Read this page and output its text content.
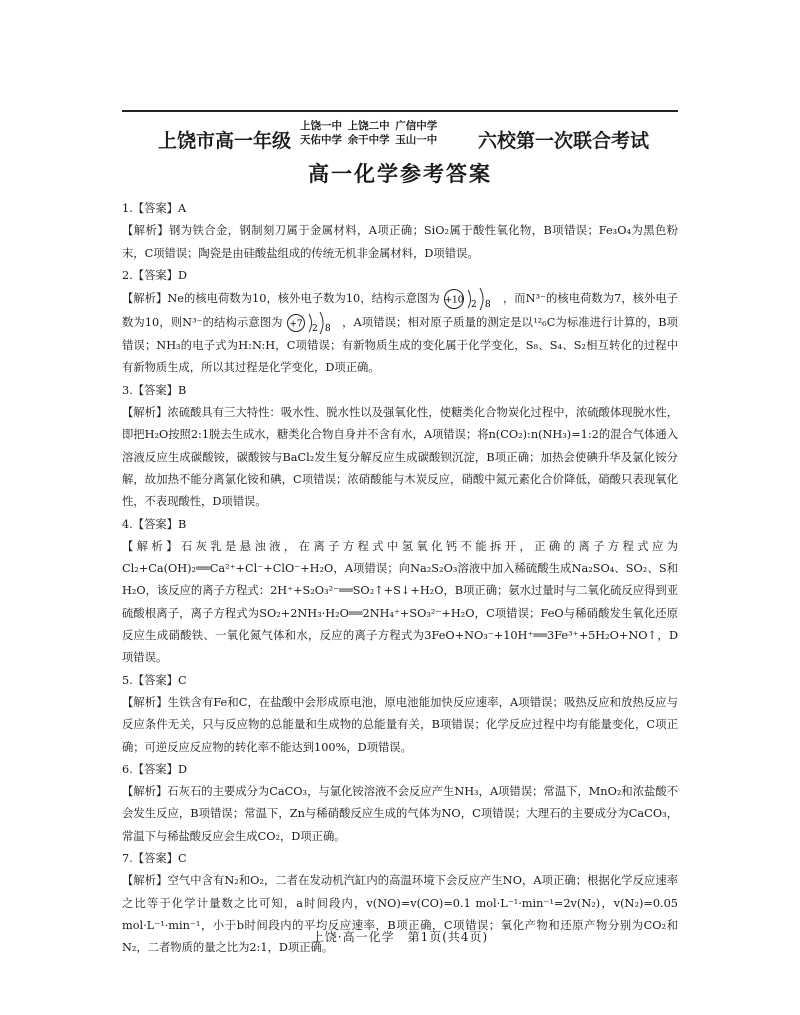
上饶市高一年级
上饶一中 上饶二中 广信中学
天佑中学 余干中学 玉山一中 六校第一次联合考试
高一化学参考答案

1.【答案】A

【解析】钢为铁合金，钢制刻刀属于金属材料，A项正确；SiO₂属于酸性氧化物，B项错误；Fe₃O₄为黑色粉末，C项错误；陶瓷是由硅酸盐组成的传统无机非金属材料，D项错误。

2.【答案】D

【解析】Ne的核电荷数为10，核外电子数为10，结构示意图为 +10 2 8 ，而N³⁻的核电荷数为7，核外电子数为10，则N³⁻的结构示意图为 +7 2 8 ，A项错误；相对原子质量的测定是以¹²₆C为标准进行计算的，B项错误；NH₃的电子式为H:N:H，C项错误；有新物质生成的变化属于化学变化，S₈、S₄、S₂相互转化的过程中有新物质生成，所以其过程是化学变化，D项正确。

3.【答案】B

【解析】浓硫酸具有三大特性：吸水性、脱水性以及强氧化性，使糖类化合物炭化过程中，浓硫酸体现脱水性，即把H₂O按照2:1脱去生成水，糖类化合物自身并不含有水，A项错误；将n(CO₂):n(NH₃)=1:2的混合气体通入溶液反应生成碳酸铵，碳酸铵与BaCl₂发生复分解反应生成碳酸钡沉淀，B项正确；加热会使碘升华及氯化铵分解，故加热不能分离氯化铵和碘，C项错误；浓硝酸能与木炭反应，硝酸中氮元素化合价降低，硝酸只表现氧化性，不表现酸性，D项错误。

4.【答案】B

【解析】石灰乳是悬浊液，在离子方程式中氢氧化钙不能拆开，正确的离子方程式应为Cl₂+Ca(OH)₂══Ca²⁺+Cl⁻+ClO⁻+H₂O，A项错误；向Na₂S₂O₃溶液中加入稀硫酸生成Na₂SO₄、SO₂、S和H₂O，该反应的离子方程式：2H⁺+S₂O₃²⁻══SO₂↑+S↓+H₂O，B项正确；氨水过量时与二氧化硫反应得到亚硫酸根离子，离子方程式为SO₂+2NH₃·H₂O══2NH₄⁺+SO₃²⁻+H₂O，C项错误；FeO与稀硝酸发生氧化还原反应生成硝酸铁、一氧化氮气体和水，反应的离子方程式为3FeO+NO₃⁻+10H⁺══3Fe³⁺+5H₂O+NO↑，D项错误。

5.【答案】C

【解析】生铁含有Fe和C，在盐酸中会形成原电池，原电池能加快反应速率，A项错误；吸热反应和放热反应与反应条件无关，只与反应物的总能量和生成物的总能量有关，B项错误；化学反应过程中均有能量变化，C项正确；可逆反应反应物的转化率不能达到100%，D项错误。

6.【答案】D

【解析】石灰石的主要成分为CaCO₃，与氯化铵溶液不会反应产生NH₃，A项错误；常温下，MnO₂和浓盐酸不会发生反应，B项错误；常温下，Zn与稀硝酸反应生成的气体为NO，C项错误；大理石的主要成分为CaCO₃，常温下与稀盐酸反应会生成CO₂，D项正确。

7.【答案】C

【解析】空气中含有N₂和O₂，二者在发动机汽缸内的高温环境下会反应产生NO，A项正确；根据化学反应速率之比等于化学计量数之比可知，a时间段内，v(NO)=v(CO)=0.1 mol·L⁻¹·min⁻¹=2v(N₂)，v(N₂)=0.05 mol·L⁻¹·min⁻¹，小于b时间段内的平均反应速率，B项正确，C项错误；氧化产物和还原产物分别为CO₂和N₂，二者物质的量之比为2:1，D项正确。

上饶·高一化学　第1页(共4页)
